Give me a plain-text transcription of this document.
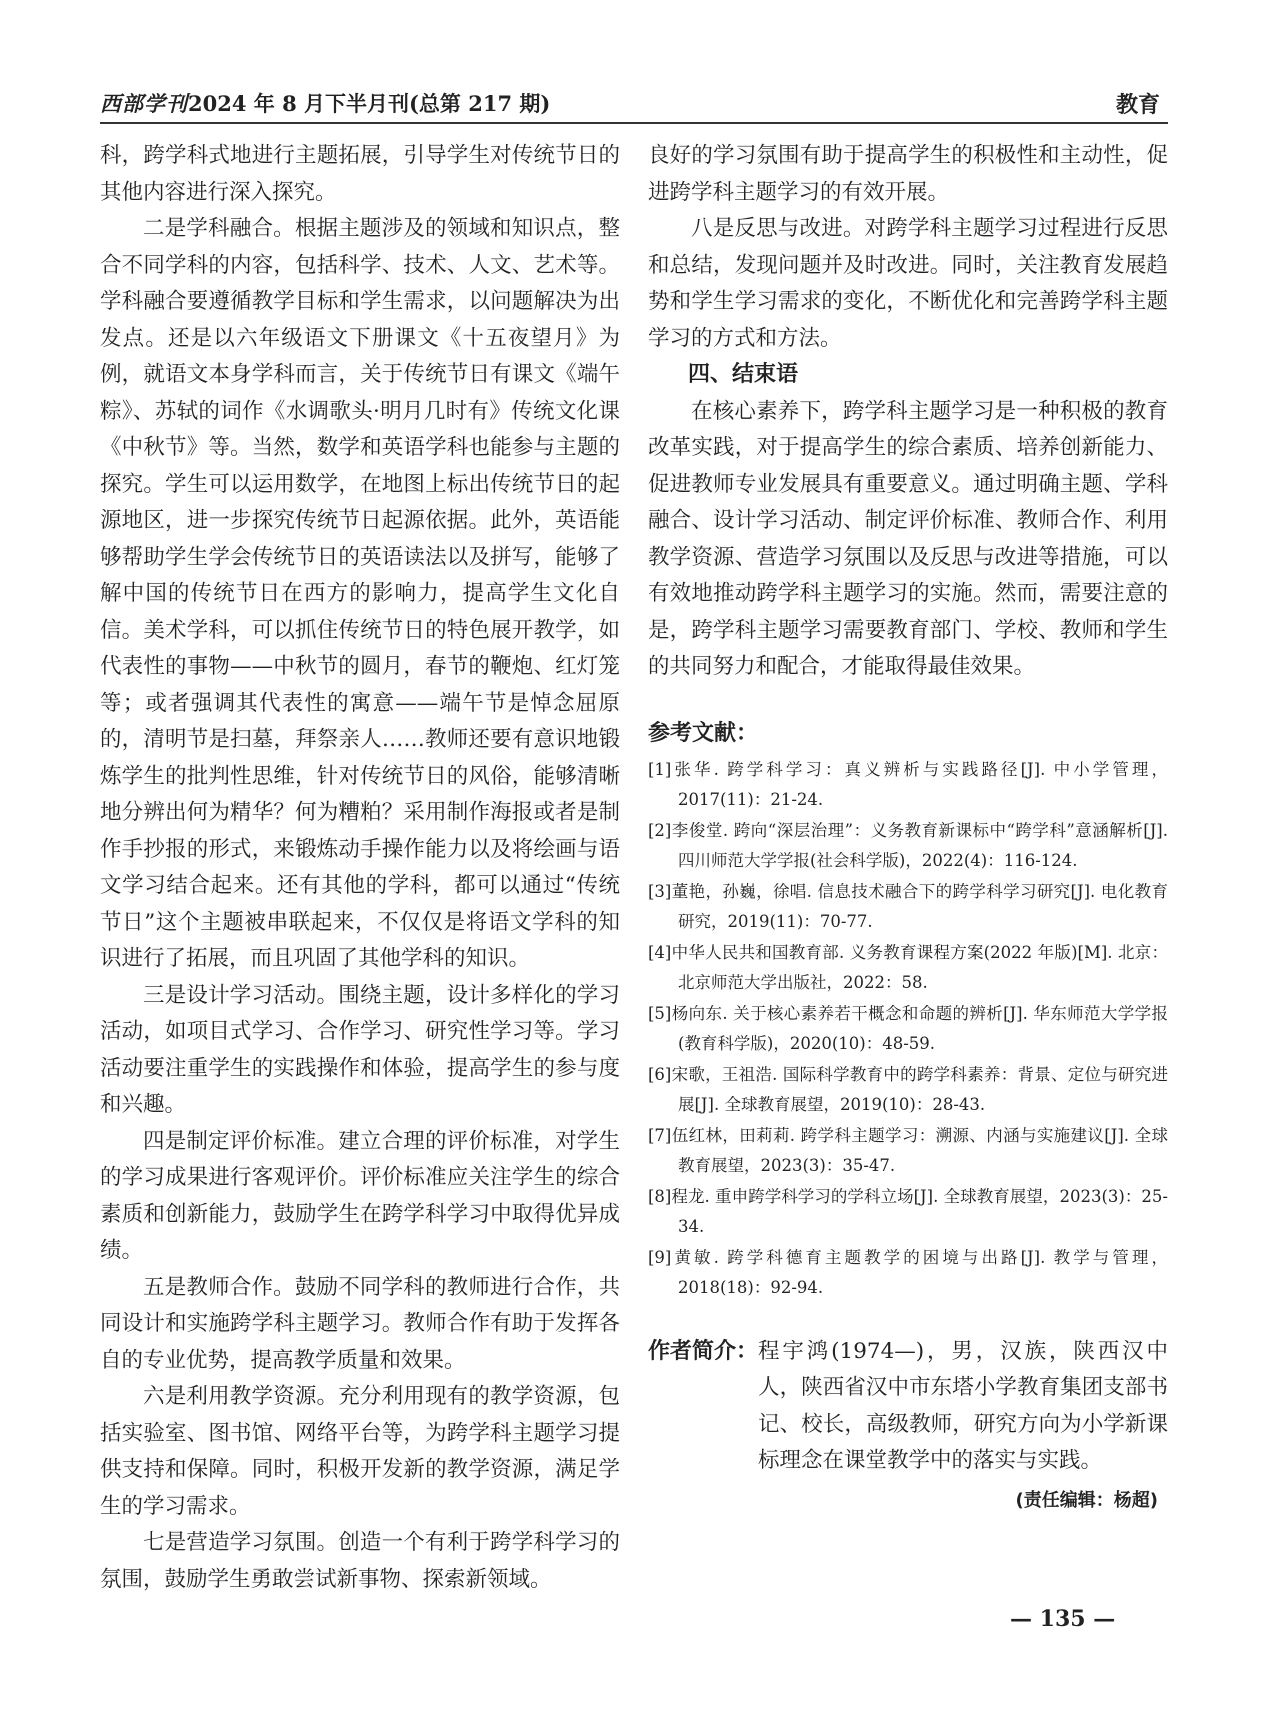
西部学刊2024 年 8 月下半月刊(总第 217 期)	教育

科，跨学科式地进行主题拓展，引导学生对传统节日的其他内容进行深入探究。

二是学科融合。根据主题涉及的领域和知识点，整合不同学科的内容，包括科学、技术、人文、艺术等。学科融合要遵循教学目标和学生需求，以问题解决为出发点。还是以六年级语文下册课文《十五夜望月》为例，就语文本身学科而言，关于传统节日有课文《端午粽》、苏轼的词作《水调歌头·明月几时有》传统文化课《中秋节》等。当然，数学和英语学科也能参与主题的探究。学生可以运用数学，在地图上标出传统节日的起源地区，进一步探究传统节日起源依据。此外，英语能够帮助学生学会传统节日的英语读法以及拼写，能够了解中国的传统节日在西方的影响力，提高学生文化自信。美术学科，可以抓住传统节日的特色展开教学，如代表性的事物——中秋节的圆月，春节的鞭炮、红灯笼等；或者强调其代表性的寓意——端午节是悼念屈原的，清明节是扫墓，拜祭亲人……教师还要有意识地锻炼学生的批判性思维，针对传统节日的风俗，能够清晰地分辨出何为精华？何为糟粕？采用制作海报或者是制作手抄报的形式，来锻炼动手操作能力以及将绘画与语文学习结合起来。还有其他的学科，都可以通过“传统节日”这个主题被串联起来，不仅仅是将语文学科的知识进行了拓展，而且巩固了其他学科的知识。

三是设计学习活动。围绕主题，设计多样化的学习活动，如项目式学习、合作学习、研究性学习等。学习活动要注重学生的实践操作和体验，提高学生的参与度和兴趣。

四是制定评价标准。建立合理的评价标准，对学生的学习成果进行客观评价。评价标准应关注学生的综合素质和创新能力，鼓励学生在跨学科学习中取得优异成绩。

五是教师合作。鼓励不同学科的教师进行合作，共同设计和实施跨学科主题学习。教师合作有助于发挥各自的专业优势，提高教学质量和效果。

六是利用教学资源。充分利用现有的教学资源，包括实验室、图书馆、网络平台等，为跨学科主题学习提供支持和保障。同时，积极开发新的教学资源，满足学生的学习需求。

七是营造学习氛围。创造一个有利于跨学科学习的氛围，鼓励学生勇敢尝试新事物、探索新领域。

良好的学习氛围有助于提高学生的积极性和主动性，促进跨学科主题学习的有效开展。

八是反思与改进。对跨学科主题学习过程进行反思和总结，发现问题并及时改进。同时，关注教育发展趋势和学生学习需求的变化，不断优化和完善跨学科主题学习的方式和方法。

四、结束语

在核心素养下，跨学科主题学习是一种积极的教育改革实践，对于提高学生的综合素质、培养创新能力、促进教师专业发展具有重要意义。通过明确主题、学科融合、设计学习活动、制定评价标准、教师合作、利用教学资源、营造学习氛围以及反思与改进等措施，可以有效地推动跨学科主题学习的实施。然而，需要注意的是，跨学科主题学习需要教育部门、学校、教师和学生的共同努力和配合，才能取得最佳效果。

参考文献：
[1]张华. 跨学科学习：真义辨析与实践路径[J]. 中小学管理，2017(11)：21-24.
[2]李俊堂. 跨向“深层治理”：义务教育新课标中“跨学科”意涵解析[J]. 四川师范大学学报(社会科学版)，2022(4)：116-124.
[3]董艳，孙巍，徐唱. 信息技术融合下的跨学科学习研究[J]. 电化教育研究，2019(11)：70-77.
[4]中华人民共和国教育部. 义务教育课程方案(2022 年版)[M]. 北京：北京师范大学出版社，2022：58.
[5]杨向东. 关于核心素养若干概念和命题的辨析[J]. 华东师范大学学报(教育科学版)，2020(10)：48-59.
[6]宋歌，王祖浩. 国际科学教育中的跨学科素养：背景、定位与研究进展[J]. 全球教育展望，2019(10)：28-43.
[7]伍红林，田莉莉. 跨学科主题学习：溯源、内涵与实施建议[J]. 全球教育展望，2023(3)：35-47.
[8]程龙. 重申跨学科学习的学科立场[J]. 全球教育展望，2023(3)：25-34.
[9]黄敏. 跨学科德育主题教学的困境与出路[J]. 教学与管理，2018(18)：92-94.
作者简介： 程宇鸿(1974—)，男，汉族，陕西汉中人，陕西省汉中市东塔小学教育集团支部书记、校长，高级教师，研究方向为小学新课标理念在课堂教学中的落实与实践。
(责任编辑：杨超)
— 135 —
